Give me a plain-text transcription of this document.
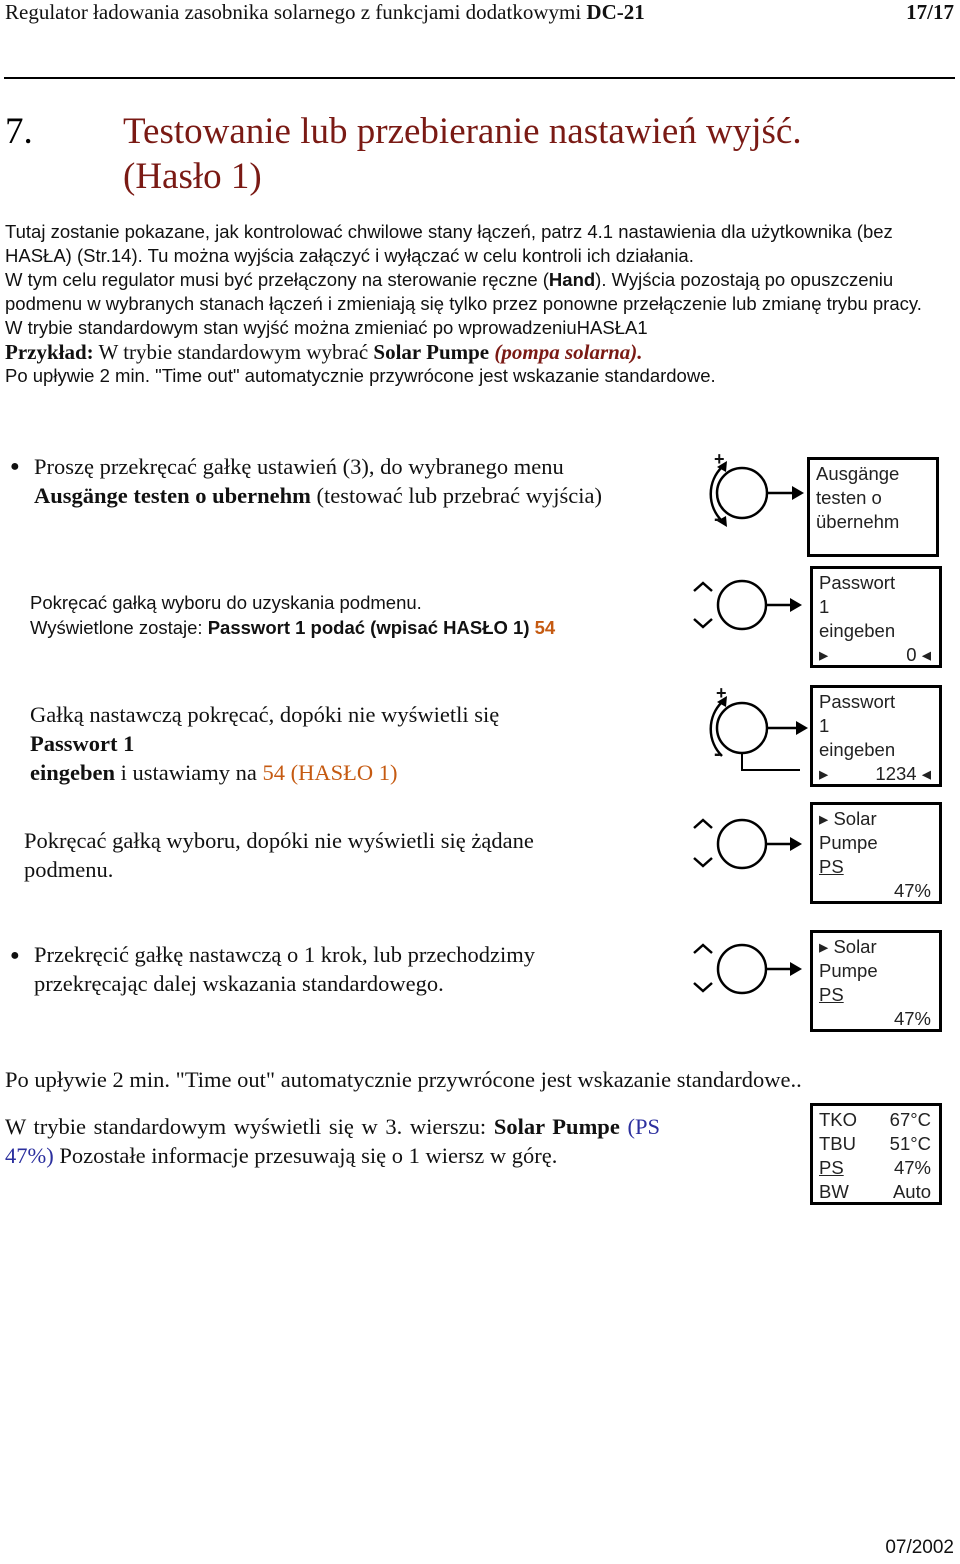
Regulator ładowania zasobnika solarnego z funkcjami dodatkowymi DC-21	17/17
7. Testowanie lub przebieranie nastawień wyjść.
(Hasło 1)

Tutaj zostanie pokazane, jak kontrolować chwilowe stany łączeń, patrz 4.1 nastawienia dla użytkownika (bez HASŁA) (Str.14). Tu można wyjścia załączyć i wyłączać w celu kontroli ich działania.

W tym celu regulator musi być przełączony na sterowanie ręczne (Hand). Wyjścia pozostają po opuszczeniu podmenu w wybranych stanach łączeń i zmieniają się tylko przez ponowne przełączenie lub zmianę trybu pracy.

W trybie standardowym stan wyjść można zmieniać po wprowadzeniuHASŁA1

Przykład: W trybie standardowym wybrać Solar Pumpe (pompa solarna).

Po upływie 2 min. "Time out" automatycznie przywrócone jest wskazanie standardowe.

● Proszę przekręcać gałkę ustawień (3), do wybranego menu Ausgänge testen o ubernehm (testować lub przebrać wyjścia)
+
-
Ausgänge
testen o
übernehm
Pokręcać gałką wyboru do uzyskania podmenu.
Wyświetlone zostaje: Passwort 1 podać (wpisać HASŁO 1) 54
Passwort
1
eingeben
▸	0 ◂
Gałką nastawczą pokręcać, dopóki nie wyświetli się
Passwort 1
eingeben i ustawiamy na 54 (HASŁO 1)
+
-
Passwort
1
eingeben
▸	1234 ◂
Pokręcać gałką wyboru, dopóki nie wyświetli się żądane podmenu.
▸ Solar
Pumpe
PS
47%

● Przekręcić gałkę nastawczą o 1 krok, lub przechodzimy przekręcając dalej wskazania standardowego.
▸ Solar
Pumpe
PS
47%

Po upływie 2 min. "Time out" automatycznie przywrócone jest wskazanie standardowe..
W trybie standardowym wyświetli się w 3. wierszu: Solar Pumpe (PS 47%) Pozostałe informacje przesuwają się o 1 wiersz w górę.
TKO 67°C
TBU 51°C
PS	47%
BW Auto
07/2002
